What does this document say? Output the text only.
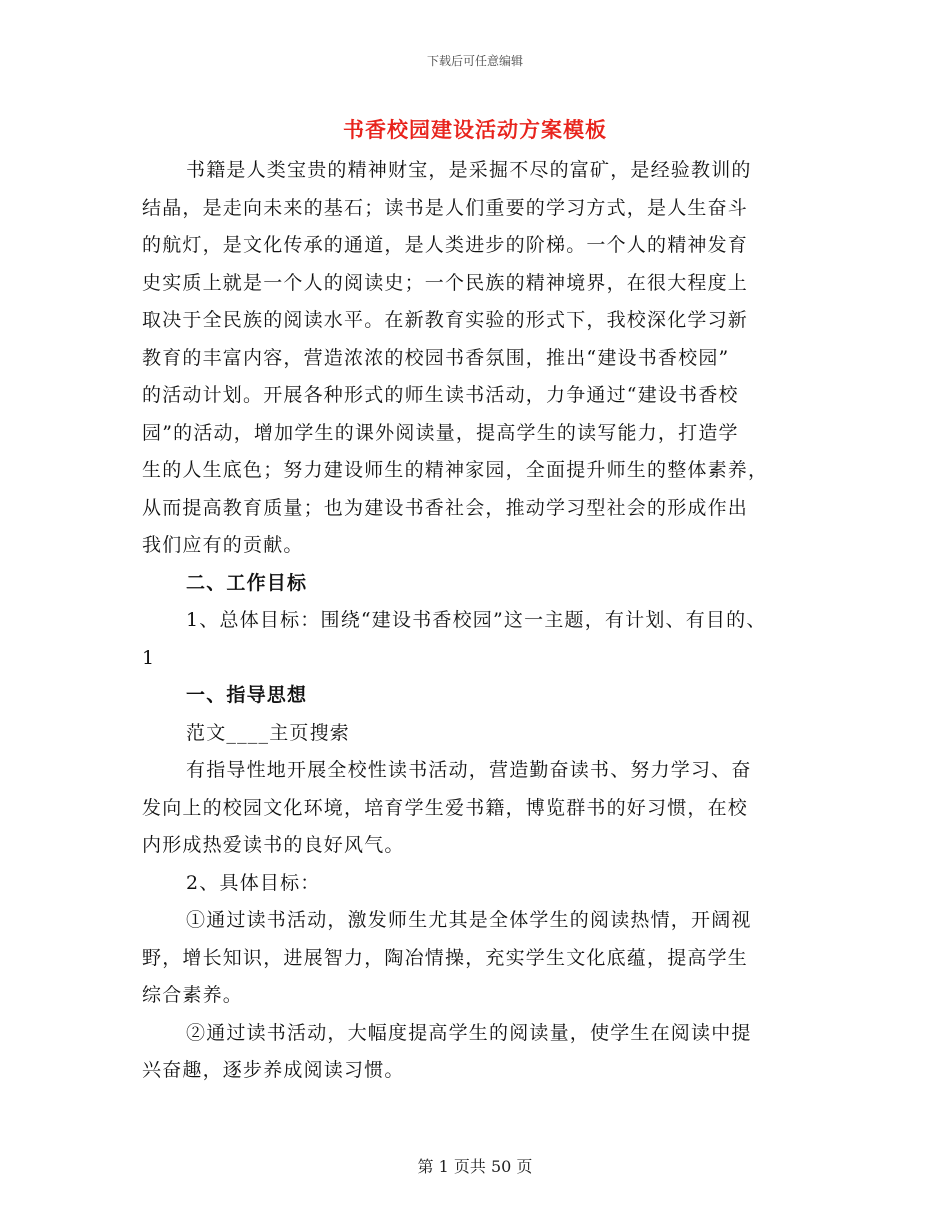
下载后可任意编辑
书香校园建设活动方案模板
书籍是人类宝贵的精神财宝，是采掘不尽的富矿，是经验教训的
结晶，是走向未来的基石；读书是人们重要的学习方式，是人生奋斗
的航灯，是文化传承的通道，是人类进步的阶梯。一个人的精神发育
史实质上就是一个人的阅读史；一个民族的精神境界，在很大程度上
取决于全民族的阅读水平。在新教育实验的形式下，我校深化学习新
教育的丰富内容，营造浓浓的校园书香氛围，推出“建设书香校园”
的活动计划。开展各种形式的师生读书活动，力争通过“建设书香校
园”的活动，增加学生的课外阅读量，提高学生的读写能力，打造学
生的人生底色；努力建设师生的精神家园，全面提升师生的整体素养，
从而提高教育质量；也为建设书香社会，推动学习型社会的形成作出
我们应有的贡献。
二、工作目标
1、总体目标：围绕“建设书香校园”这一主题，有计划、有目的、
1
一、指导思想
范文____主页搜索
有指导性地开展全校性读书活动，营造勤奋读书、努力学习、奋
发向上的校园文化环境，培育学生爱书籍，博览群书的好习惯，在校
内形成热爱读书的良好风气。
2、具体目标：
①通过读书活动，激发师生尤其是全体学生的阅读热情，开阔视
野，增长知识，进展智力，陶冶情操，充实学生文化底蕴，提高学生
综合素养。
②通过读书活动，大幅度提高学生的阅读量，使学生在阅读中提
兴奋趣，逐步养成阅读习惯。
第 1 页共 50 页
